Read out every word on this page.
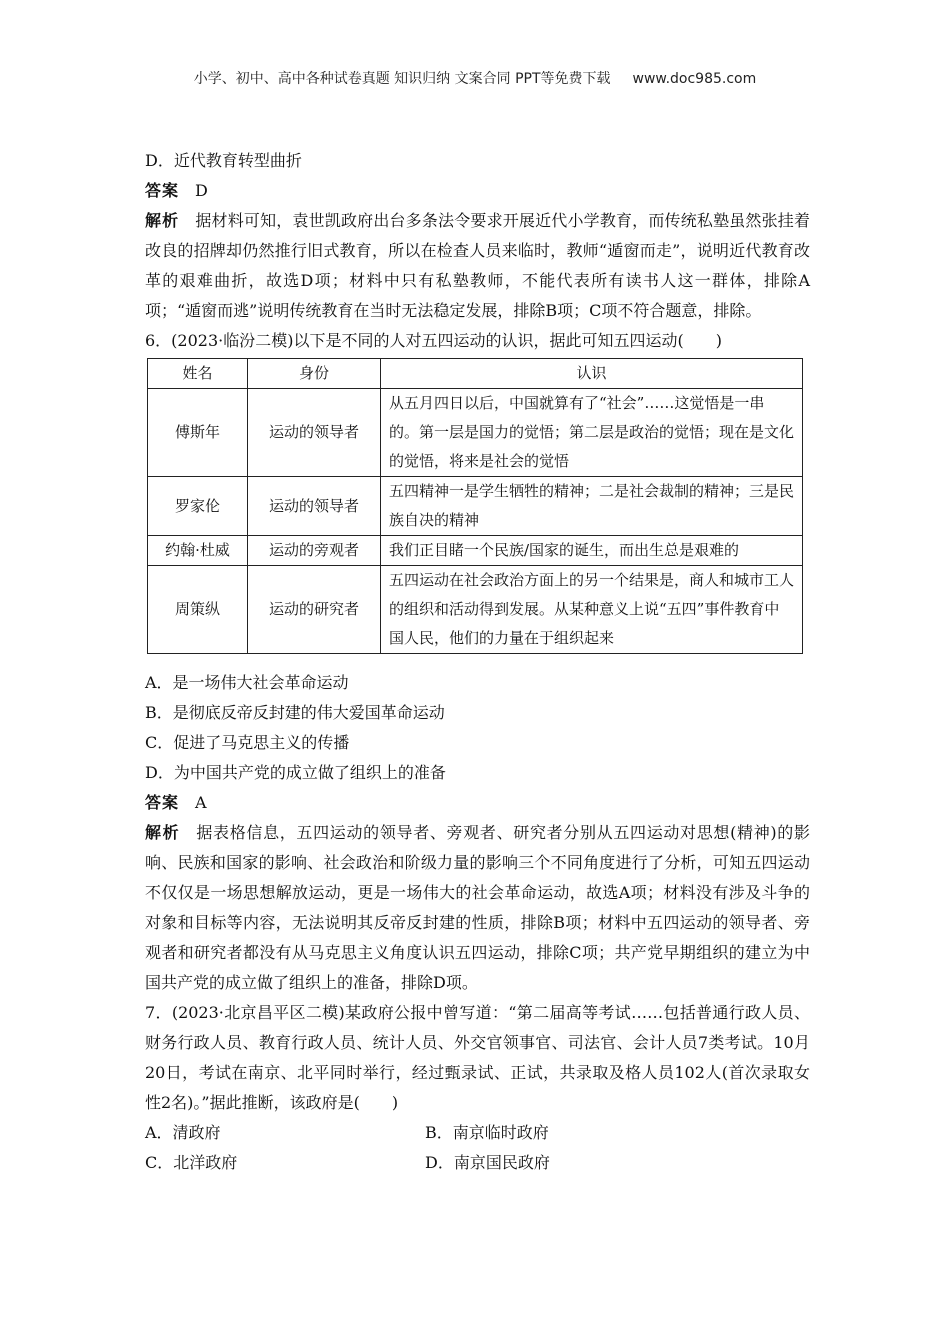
小学、初中、高中各种试卷真题 知识归纳 文案合同 PPT等免费下载 www.doc985.com
D．近代教育转型曲折
答案 D
解析 据材料可知，袁世凯政府出台多条法令要求开展近代小学教育，而传统私塾虽然张挂着改良的招牌却仍然推行旧式教育，所以在检查人员来临时，教师“遁窗而走”，说明近代教育改革的艰难曲折，故选D项；材料中只有私塾教师，不能代表所有读书人这一群体，排除A项；“遁窗而逃”说明传统教育在当时无法稳定发展，排除B项；C项不符合题意，排除。
6．(2023·临汾二模)以下是不同的人对五四运动的认识，据此可知五四运动(　　)
姓名	身份	认识
傅斯年	运动的领导者	从五月四日以后，中国就算有了“社会”……这觉悟是一串的。第一层是国力的觉悟；第二层是政治的觉悟；现在是文化的觉悟，将来是社会的觉悟
罗家伦	运动的领导者	五四精神一是学生牺牲的精神；二是社会裁制的精神；三是民族自决的精神
约翰·杜威	运动的旁观者	我们正目睹一个民族/国家的诞生，而出生总是艰难的
周策纵	运动的研究者	五四运动在社会政治方面上的另一个结果是，商人和城市工人的组织和活动得到发展。从某种意义上说“五四”事件教育中国人民，他们的力量在于组织起来
A．是一场伟大社会革命运动
B．是彻底反帝反封建的伟大爱国革命运动
C．促进了马克思主义的传播
D．为中国共产党的成立做了组织上的准备
答案 A
解析 据表格信息，五四运动的领导者、旁观者、研究者分别从五四运动对思想(精神)的影响、民族和国家的影响、社会政治和阶级力量的影响三个不同角度进行了分析，可知五四运动不仅仅是一场思想解放运动，更是一场伟大的社会革命运动，故选A项；材料没有涉及斗争的对象和目标等内容，无法说明其反帝反封建的性质，排除B项；材料中五四运动的领导者、旁观者和研究者都没有从马克思主义角度认识五四运动，排除C项；共产党早期组织的建立为中国共产党的成立做了组织上的准备，排除D项。
7．(2023·北京昌平区二模)某政府公报中曾写道：“第二届高等考试……包括普通行政人员、财务行政人员、教育行政人员、统计人员、外交官领事官、司法官、会计人员7类考试。10月20日，考试在南京、北平同时举行，经过甄录试、正试，共录取及格人员102人(首次录取女性2名)。”据此推断，该政府是(　　)
A．清政府	B．南京临时政府
C．北洋政府	D．南京国民政府
